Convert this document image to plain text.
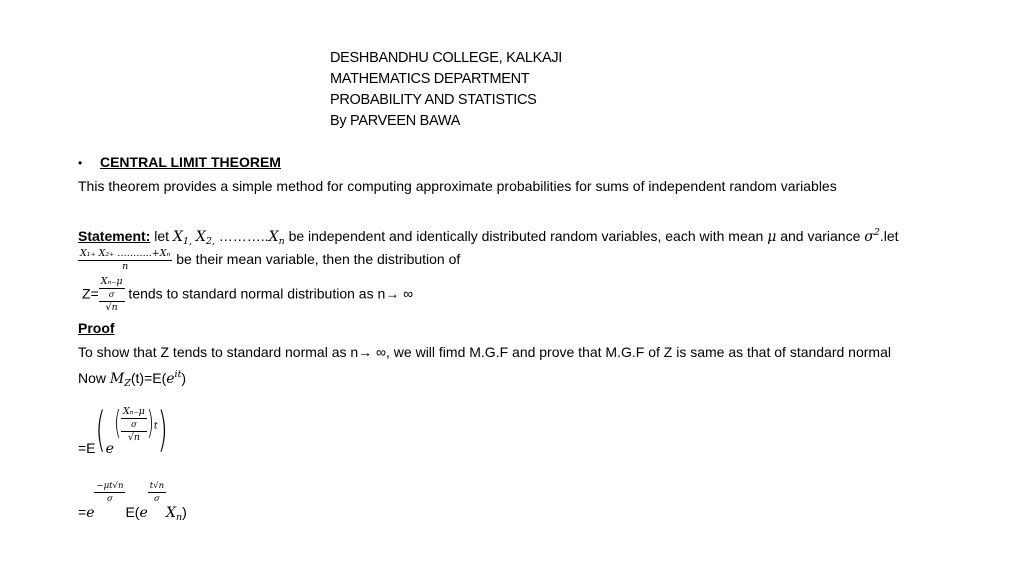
DESHBANDHU COLLEGE, KALKAJI
MATHEMATICS DEPARTMENT
PROBABILITY AND STATISTICS
By PARVEEN BAWA
• CENTRAL LIMIT THEOREM
This theorem provides a simple method for computing approximate probabilities for sums of independent random variables
Statement: let $X_{1,}$ $X_{2,}$ $\dots\dots\dots..X_n$ be independent and identically distributed random variables, each with mean μ and variance $\sigma^2.let$
$\frac{\text{X₁₊ X₂₊ ………..+Xₙ}}{n}$ be their mean variable, then the distribution of
Z=
Xₙ₋μ
σ
√n
tends to standard normal distribution as n→ ∞
Proof
To show that Z tends to standard normal as n→ ∞, we will fimd M.G.F and prove that M.G.F of Z is same as that of standard normal
Now $M_Z(t)=E(e^{it})$
=E(e( Xₙ₋μ
σ
√n )t)
=e
$\frac{-\mu t√n}{\sigma}$
E(e
$\frac{t√n}{\sigma}$
Xn)
